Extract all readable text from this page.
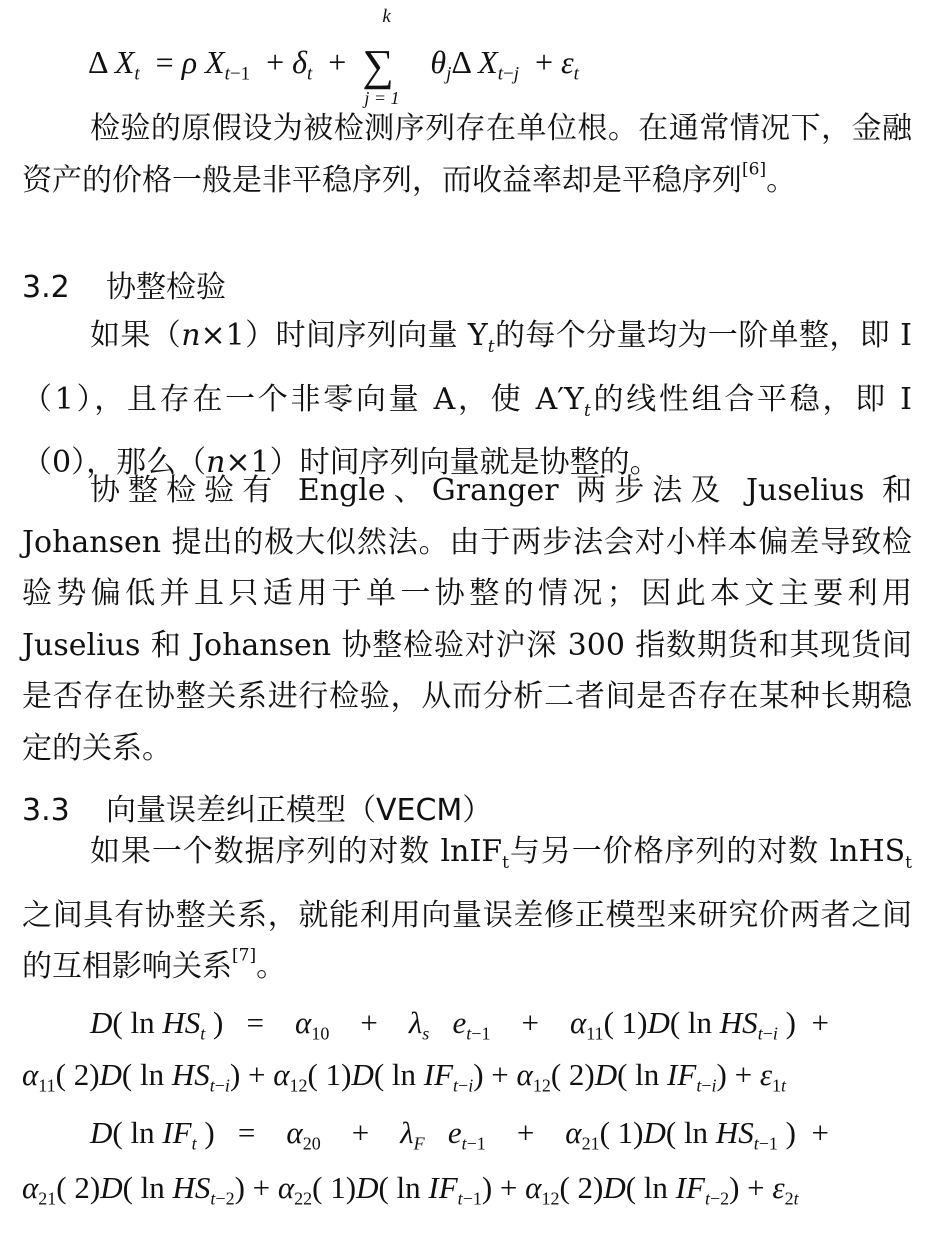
Δ $X_t = \rho$ $X_{t-1} + \delta_t$  +
k
∑
j = 1
$\theta_j\Delta$ $X_{t-j} + \varepsilon_t$

检验的原假设为被检测序列存在单位根。在通常情况下，金融资产的价格一般是非平稳序列，而收益率却是平稳序列[6]。

3.2 协整检验

如果（n×1）时间序列向量 $Y_t$的每个分量均为一阶单整，即 I（1），且存在一个非零向量 A，使 $A'Y_t$的线性组合平稳，即 I（0），那么（n×1）时间序列向量就是协整的。

协整检验有 Engle、Granger 两步法及 Juselius 和 Johansen 提出的极大似然法。由于两步法会对小样本偏差导致检验势偏低并且只适用于单一协整的情况；因此本文主要利用 Juselius 和 Johansen 协整检验对沪深 300 指数期货和其现货间是否存在协整关系进行检验，从而分析二者间是否存在某种长期稳定的关系。

3.3 向量误差纠正模型（VECM）

如果一个数据序列的对数 lnIF$_t$与另一价格序列的对数 lnHS$_t$之间具有协整关系，就能利用向量误差修正模型来研究价两者之间的互相影响关系[7]。

D( $\ln HS_t$ )   =    $\alpha_{10}$    +    $\lambda_s$ $e_{t-1}$    +    $\alpha_{11}$( 1)D( $\ln HS_{t-i}$ )  +
$\alpha_{11}$( 2)D( $\ln HS_{t-i}) + \alpha_{12}$( 1)D( $\ln IF_{t-i}) + \alpha_{12}$( 2)D( $\ln IF_{t-i}) + \varepsilon_{1t}$
D( $\ln IF_t$ )   =    $\alpha_{20}$    +    $\lambda_F$ $e_{t-1}$    +    $\alpha_{21}$( 1)D( $\ln HS_{t-1}$ )  +
$\alpha_{21}$( 2)D( $\ln HS_{t-2}) + \alpha_{22}$( 1)D( $\ln IF_{t-1}) + \alpha_{12}$( 2)D( $\ln IF_{t-2}) + \varepsilon_{2t}$
